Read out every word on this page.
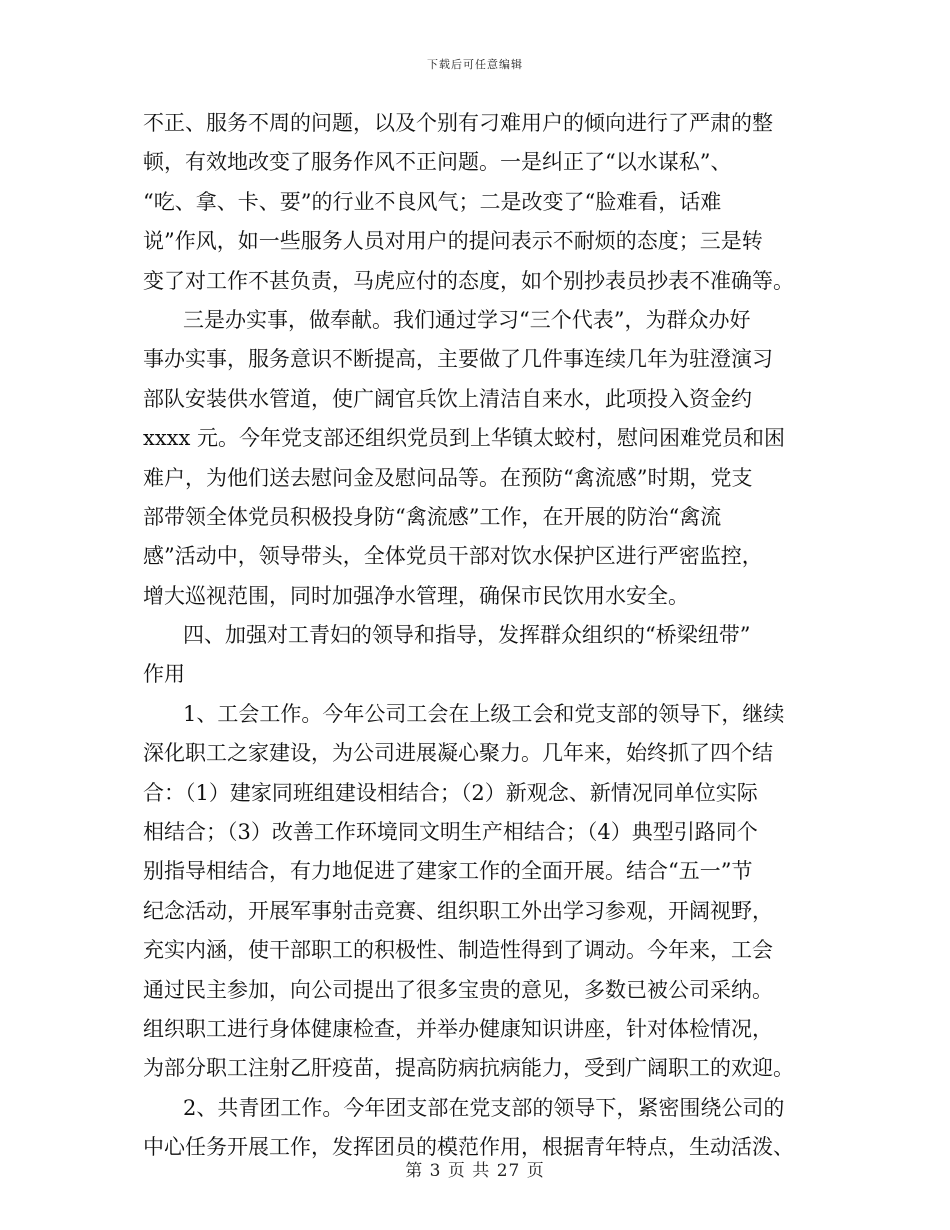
下载后可任意编辑
不正、服务不周的问题，以及个别有刁难用户的倾向进行了严肃的整
顿，有效地改变了服务作风不正问题。一是纠正了“以水谋私”、
“吃、拿、卡、要”的行业不良风气；二是改变了“脸难看，话难
说”作风，如一些服务人员对用户的提问表示不耐烦的态度；三是转
变了对工作不甚负责，马虎应付的态度，如个别抄表员抄表不准确等。
三是办实事，做奉献。我们通过学习“三个代表”，为群众办好
事办实事，服务意识不断提高，主要做了几件事连续几年为驻澄演习
部队安装供水管道，使广阔官兵饮上清洁自来水，此项投入资金约
xxxx 元。今年党支部还组织党员到上华镇太蛟村，慰问困难党员和困
难户，为他们送去慰问金及慰问品等。在预防“禽流感”时期，党支
部带领全体党员积极投身防“禽流感”工作，在开展的防治“禽流
感”活动中，领导带头，全体党员干部对饮水保护区进行严密监控，
增大巡视范围，同时加强净水管理，确保市民饮用水安全。
四、加强对工青妇的领导和指导，发挥群众组织的“桥梁纽带”
作用
1、工会工作。今年公司工会在上级工会和党支部的领导下，继续
深化职工之家建设，为公司进展凝心聚力。几年来，始终抓了四个结
合：（1）建家同班组建设相结合；（2）新观念、新情况同单位实际
相结合；（3）改善工作环境同文明生产相结合；（4）典型引路同个
别指导相结合，有力地促进了建家工作的全面开展。结合“五一”节
纪念活动，开展军事射击竞赛、组织职工外出学习参观，开阔视野，
充实内涵，使干部职工的积极性、制造性得到了调动。今年来，工会
通过民主参加，向公司提出了很多宝贵的意见，多数已被公司采纳。
组织职工进行身体健康检查，并举办健康知识讲座，针对体检情况，
为部分职工注射乙肝疫苗，提高防病抗病能力，受到广阔职工的欢迎。
2、共青团工作。今年团支部在党支部的领导下，紧密围绕公司的
中心任务开展工作，发挥团员的模范作用，根据青年特点，生动活泼、
第 3 页 共 27 页
